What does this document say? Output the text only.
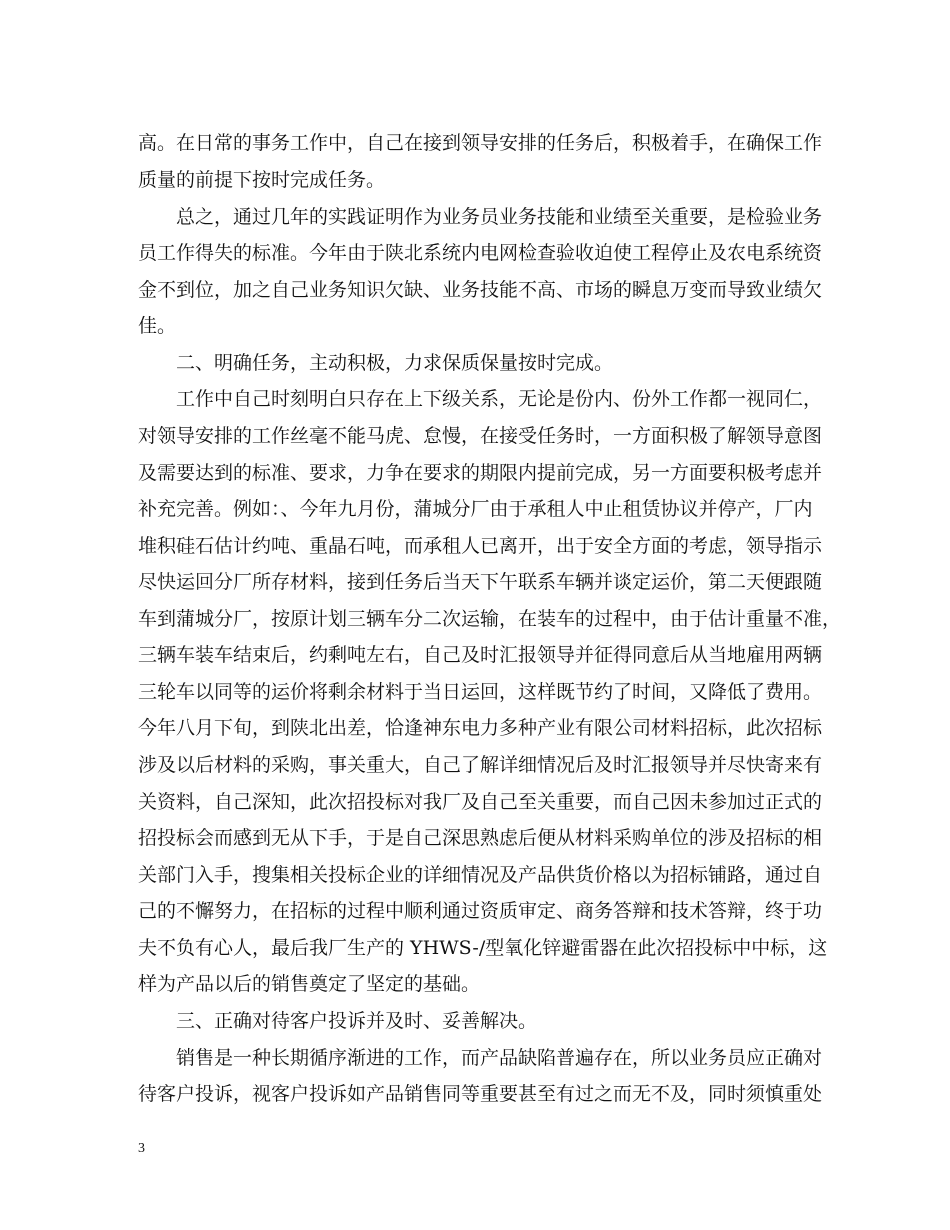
高。在日常的事务工作中，自己在接到领导安排的任务后，积极着手，在确保工作
质量的前提下按时完成任务。
总之，通过几年的实践证明作为业务员业务技能和业绩至关重要，是检验业务
员工作得失的标准。今年由于陕北系统内电网检查验收迫使工程停止及农电系统资
金不到位，加之自己业务知识欠缺、业务技能不高、市场的瞬息万变而导致业绩欠
佳。
二、明确任务，主动积极，力求保质保量按时完成。
工作中自己时刻明白只存在上下级关系，无论是份内、份外工作都一视同仁，
对领导安排的工作丝毫不能马虎、怠慢，在接受任务时，一方面积极了解领导意图
及需要达到的标准、要求，力争在要求的期限内提前完成，另一方面要积极考虑并
补充完善。例如：、今年九月份，蒲城分厂由于承租人中止租赁协议并停产，厂内
堆积硅石估计约吨、重晶石吨，而承租人已离开，出于安全方面的考虑，领导指示
尽快运回分厂所存材料，接到任务后当天下午联系车辆并谈定运价，第二天便跟随
车到蒲城分厂，按原计划三辆车分二次运输，在装车的过程中，由于估计重量不准，
三辆车装车结束后，约剩吨左右，自己及时汇报领导并征得同意后从当地雇用两辆
三轮车以同等的运价将剩余材料于当日运回，这样既节约了时间，又降低了费用。
今年八月下旬，到陕北出差，恰逢神东电力多种产业有限公司材料招标，此次招标
涉及以后材料的采购，事关重大，自己了解详细情况后及时汇报领导并尽快寄来有
关资料，自己深知，此次招投标对我厂及自己至关重要，而自己因未参加过正式的
招投标会而感到无从下手，于是自己深思熟虑后便从材料采购单位的涉及招标的相
关部门入手，搜集相关投标企业的详细情况及产品供货价格以为招标铺路，通过自
己的不懈努力，在招标的过程中顺利通过资质审定、商务答辩和技术答辩，终于功
夫不负有心人，最后我厂生产的 YHWS-/型氧化锌避雷器在此次招投标中中标，这
样为产品以后的销售奠定了坚定的基础。
三、正确对待客户投诉并及时、妥善解决。
销售是一种长期循序渐进的工作，而产品缺陷普遍存在，所以业务员应正确对
待客户投诉，视客户投诉如产品销售同等重要甚至有过之而无不及，同时须慎重处
3
